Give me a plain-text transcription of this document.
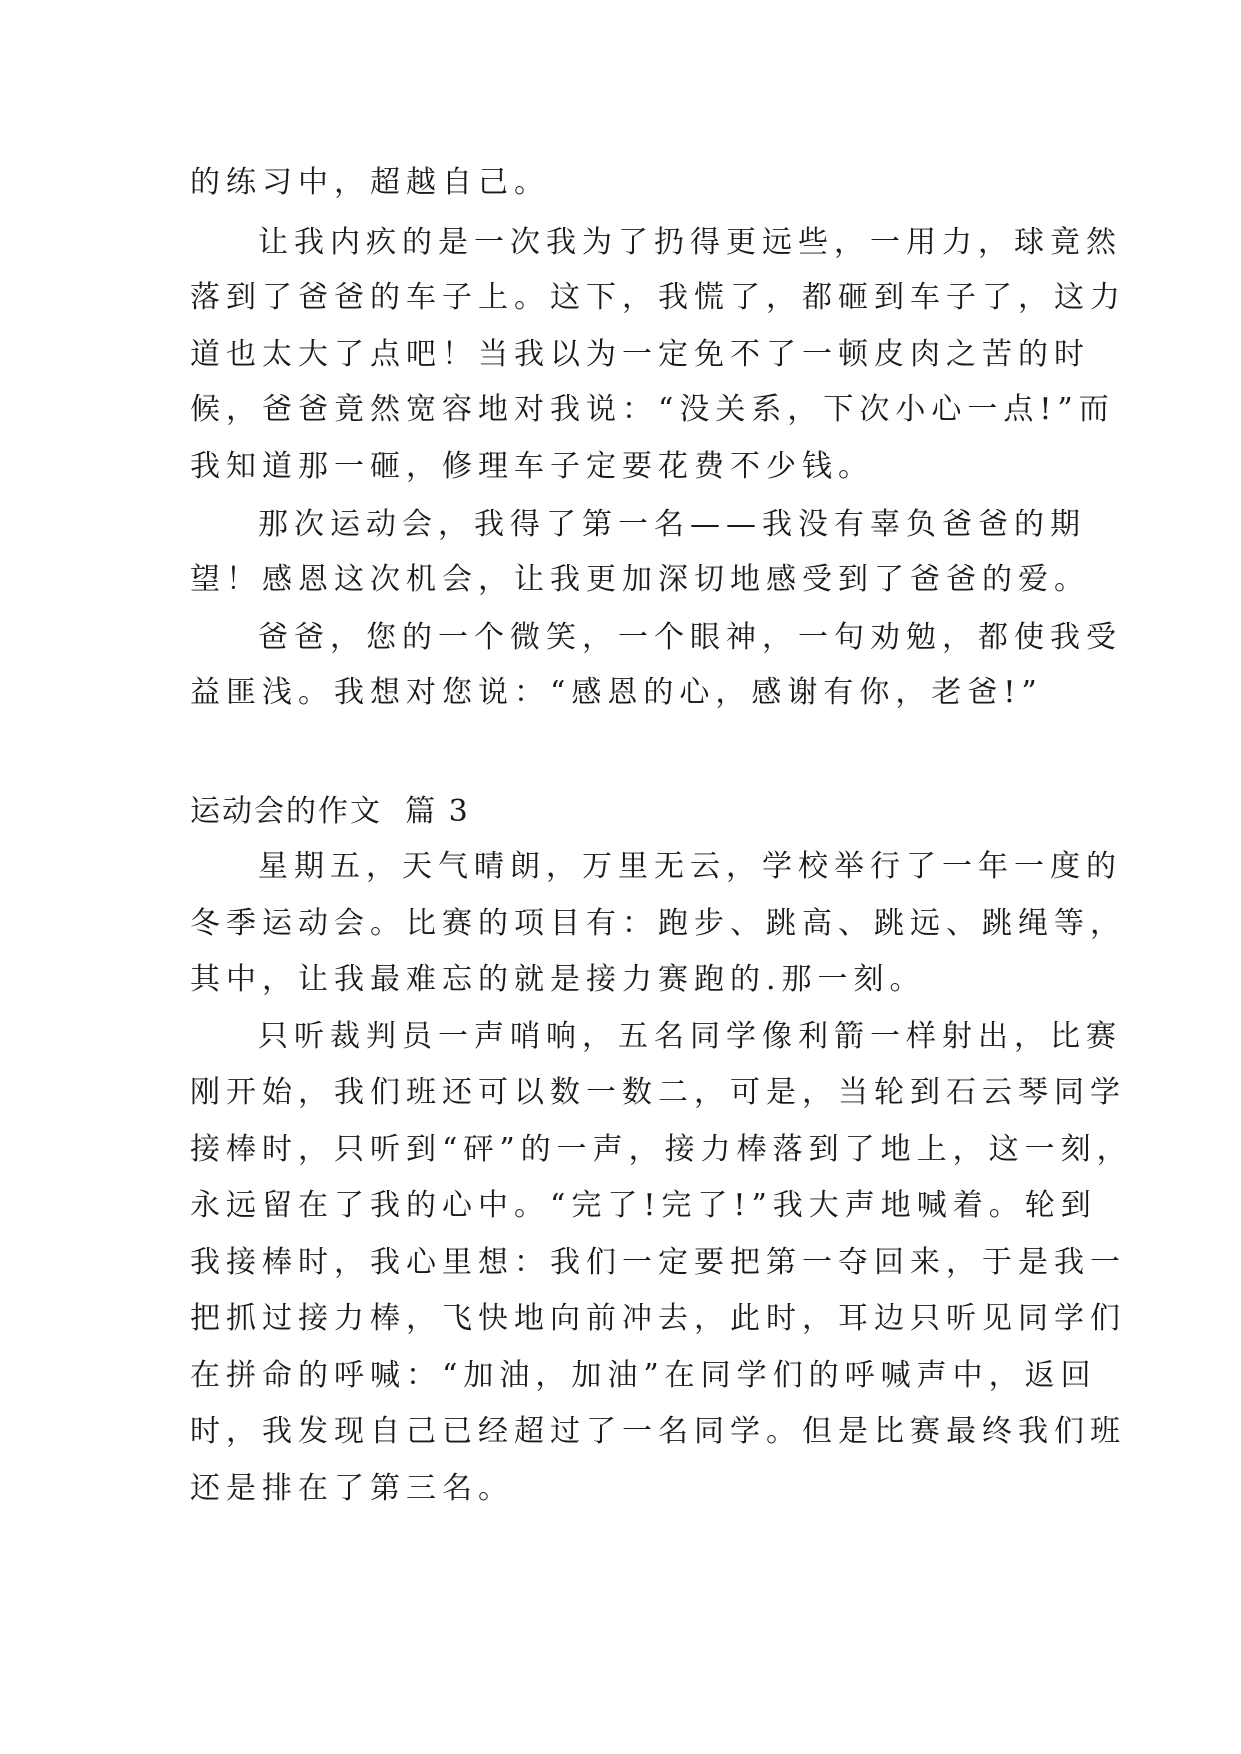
的练习中，超越自己。
让我内疚的是一次我为了扔得更远些，一用力，球竟然
落到了爸爸的车子上。这下，我慌了，都砸到车子了，这力
道也太大了点吧！当我以为一定免不了一顿皮肉之苦的时
候，爸爸竟然宽容地对我说：“没关系，下次小心一点!”而
我知道那一砸，修理车子定要花费不少钱。
那次运动会，我得了第一名——我没有辜负爸爸的期
望！感恩这次机会，让我更加深切地感受到了爸爸的爱。
爸爸，您的一个微笑，一个眼神，一句劝勉，都使我受
益匪浅。我想对您说：“感恩的心，感谢有你，老爸!”
运动会的作文  篇 3
星期五，天气晴朗，万里无云，学校举行了一年一度的
冬季运动会。比赛的项目有：跑步、跳高、跳远、跳绳等，
其中，让我最难忘的就是接力赛跑的.那一刻。
只听裁判员一声哨响，五名同学像利箭一样射出，比赛
刚开始，我们班还可以数一数二，可是，当轮到石云琴同学
接棒时，只听到“砰”的一声，接力棒落到了地上，这一刻，
永远留在了我的心中。“完了!完了!”我大声地喊着。轮到
我接棒时，我心里想：我们一定要把第一夺回来，于是我一
把抓过接力棒，飞快地向前冲去，此时，耳边只听见同学们
在拼命的呼喊：“加油，加油”在同学们的呼喊声中，返回
时，我发现自己已经超过了一名同学。但是比赛最终我们班
还是排在了第三名。
